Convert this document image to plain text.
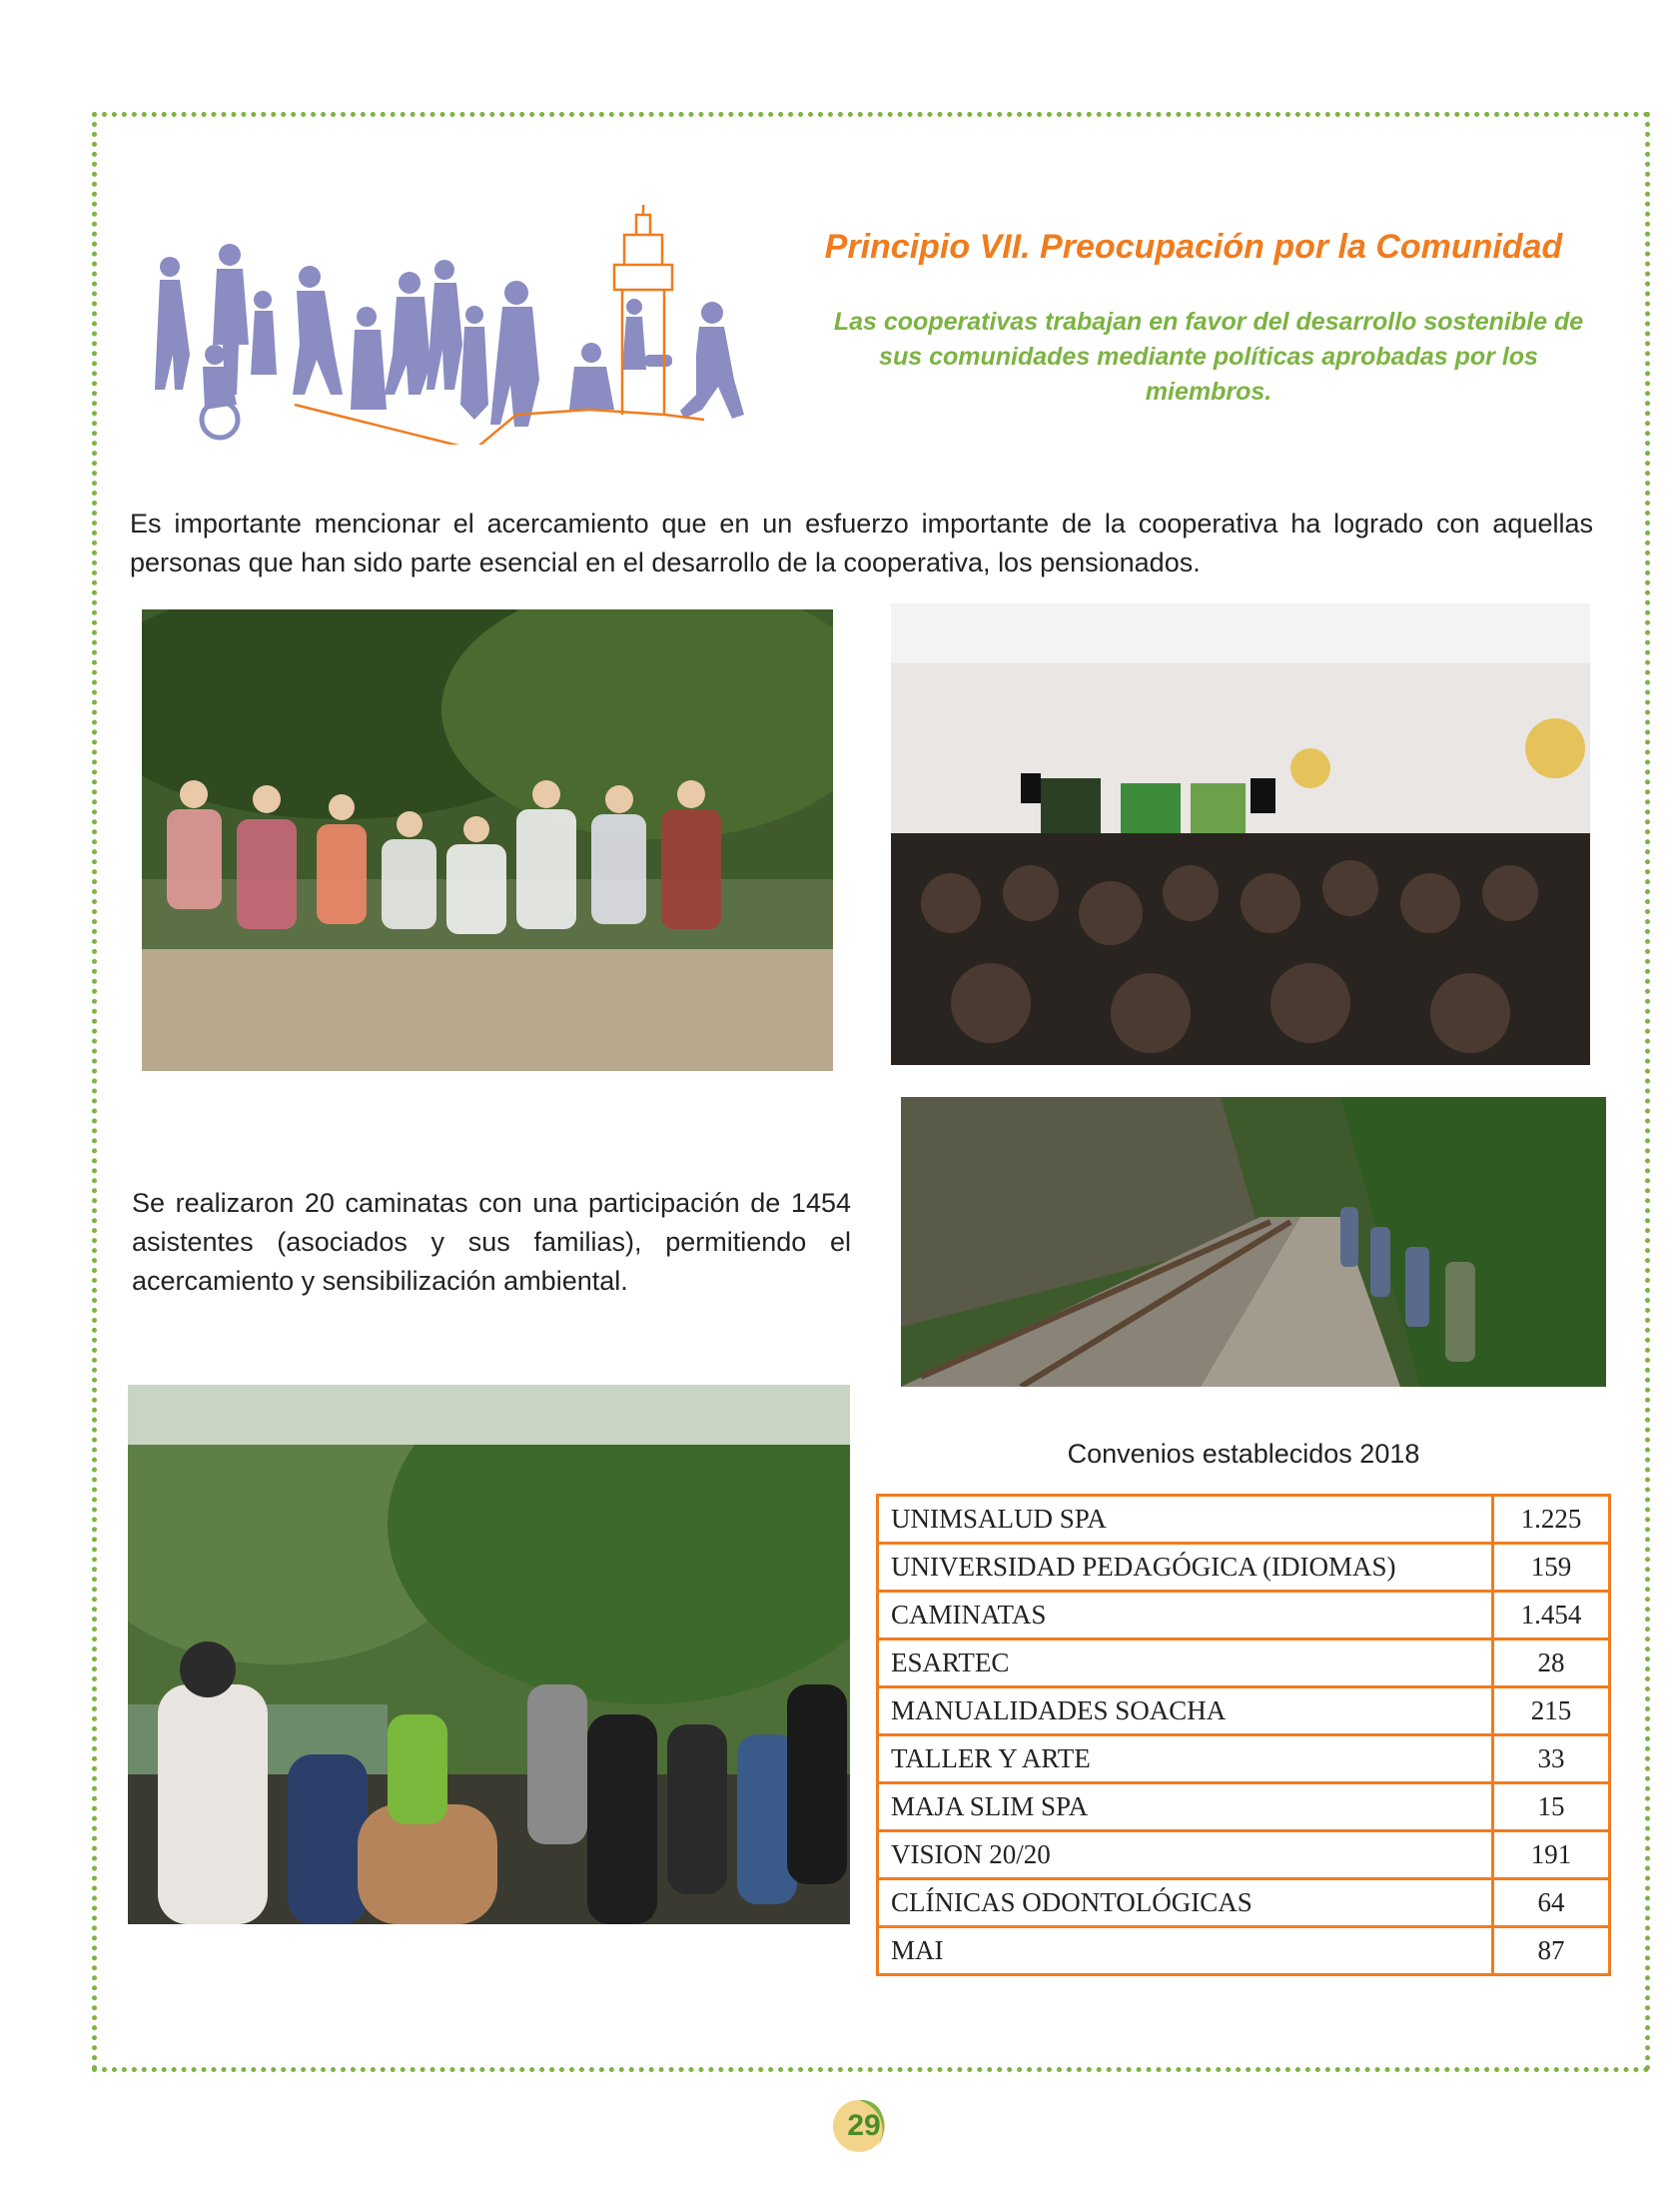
Principio VII. Preocupación por la Comunidad
Las cooperativas trabajan en favor del desarrollo sostenible de sus comunidades mediante políticas aprobadas por los miembros.
Es importante mencionar el acercamiento que en un esfuerzo importante de la cooperativa ha logrado con aquellas personas que han sido parte esencial en el desarrollo de la cooperativa, los pensionados.
Se realizaron 20 caminatas con una participación de 1454 asistentes (asociados y sus familias), permitiendo el acercamiento y sensibilización ambiental.
Convenios establecidos 2018
UNIMSALUD SPA	1.225
UNIVERSIDAD PEDAGÓGICA (IDIOMAS)	159
CAMINATAS	1.454
ESARTEC	28
MANUALIDADES SOACHA	215
TALLER Y ARTE	33
MAJA SLIM SPA	15
VISION 20/20	191
CLÍNICAS ODONTOLÓGICAS	64
MAI	87
29
